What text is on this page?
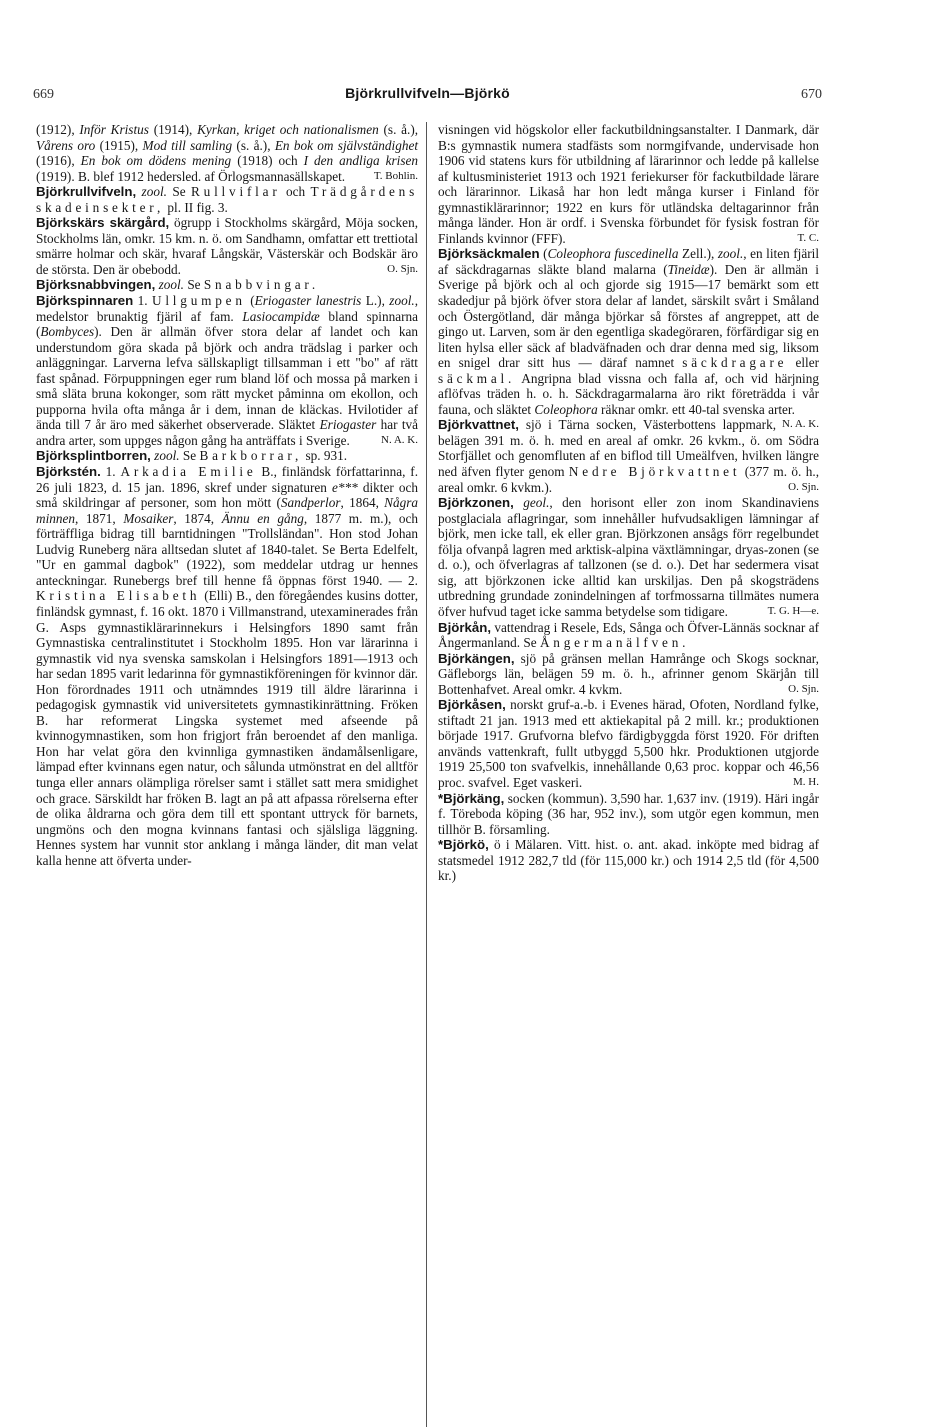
669	Björkrullvifveln—Björkö	670

(1912), Inför Kristus (1914), Kyrkan, kriget och nationalismen (s. å.), Vårens oro (1915), Mod till samling (s. å.), En bok om självständighet (1916), En bok om dödens mening (1918) och I den andliga krisen (1919). B. blef 1912 hedersled. af Örlogsmannasällskapet.	T. Bohlin.

Björkrullvifveln, zool. Se Rullviflar och Trädgårdens skadeinsekter, pl. II fig. 3.

Björkskärs skärgård, ögrupp i Stockholms skärgård, Möja socken, Stockholms län, omkr. 15 km. n. ö. om Sandhamn, omfattar ett trettiotal smärre holmar och skär, hvaraf Långskär, Västerskär och Bodskär äro de största. Den är obebodd.	O. Sjn.

Björksnabbvingen, zool. Se Snabbvingar.

Björkspinnaren 1. Ullgumpen (Eriogaster lanestris L.), zool., medelstor brunaktig fjäril af fam. Lasiocampidæ bland spinnarna (Bombyces). Den är allmän öfver stora delar af landet och kan understundom göra skada på björk och andra trädslag i parker och anläggningar. Larverna lefva sällskapligt tillsamman i ett "bo" af rätt fast spånad. Förpuppningen eger rum bland löf och mossa på marken i små släta bruna kokonger, som rätt mycket påminna om ekollon, och pupporna hvila ofta många år i dem, innan de kläckas. Hvilotider af ända till 7 år äro med säkerhet observerade. Släktet Eriogaster har två andra arter, som uppges någon gång ha anträffats i Sverige.	N. A. K.

Björksplintborren, zool. Se Barkborrar, sp. 931.

Björkstén. 1. Arkadia Emilie B., finländsk författarinna, f. 26 juli 1823, d. 15 jan. 1896, skref under signaturen e*** dikter och små skildringar af personer, som hon mött (Sandperlor, 1864, Några minnen, 1871, Mosaiker, 1874, Ännu en gång, 1877 m. m.), och förträffliga bidrag till barntidningen "Trollsländan". Hon stod Johan Ludvig Runeberg nära alltsedan slutet af 1840-talet. Se Berta Edelfelt, "Ur en gammal dagbok" (1922), som meddelar utdrag ur hennes anteckningar. Runebergs bref till henne få öppnas först 1940. — 2. Kristina Elisabeth (Elli) B., den föregåendes kusins dotter, finländsk gymnast, f. 16 okt. 1870 i Villmanstrand, utexaminerades från G. Asps gymnastiklärarinnekurs i Helsingfors 1890 samt från Gymnastiska centralinstitutet i Stockholm 1895. Hon var lärarinna i gymnastik vid nya svenska samskolan i Helsingfors 1891—1913 och har sedan 1895 varit ledarinna för gymnastikföreningen för kvinnor där. Hon förordnades 1911 och utnämndes 1919 till äldre lärarinna i pedagogisk gymnastik vid universitetets gymnastikinrättning. Fröken B. har reformerat Lingska systemet med afseende på kvinnogymnastiken, som hon frigjort från beroendet af den manliga. Hon har velat göra den kvinnliga gymnastiken ändamålsenligare, lämpad efter kvinnans egen natur, och sålunda utmönstrat en del alltför tunga eller annars olämpliga rörelser samt i stället satt mera smidighet och grace. Särskildt har fröken B. lagt an på att afpassa rörelserna efter de olika åldrarna och göra dem till ett spontant uttryck för barnets, ungmöns och den mogna kvinnans fantasi och själsliga läggning. Hennes system har vunnit stor anklang i många länder, dit man velat kalla henne att öfverta under-

visningen vid högskolor eller fackutbildningsanstalter. I Danmark, där B:s gymnastik numera stadfästs som normgifvande, undervisade hon 1906 vid statens kurs för utbildning af lärarinnor och ledde på kallelse af kultusministeriet 1913 och 1921 feriekurser för fackutbildade lärare och lärarinnor. Likaså har hon ledt många kurser i Finland för gymnastiklärarinnor; 1922 en kurs för utländska deltagarinnor från många länder. Hon är ordf. i Svenska förbundet för fysisk fostran för Finlands kvinnor (FFF).	T. C.

Björksäckmalen (Coleophora fuscedinella Zell.), zool., en liten fjäril af säckdragarnas släkte bland malarna (Tineidæ). Den är allmän i Sverige på björk och al och gjorde sig 1915—17 bemärkt som ett skadedjur på björk öfver stora delar af landet, särskilt svårt i Småland och Östergötland, där många björkar så förstes af angreppet, att de gingo ut. Larven, som är den egentliga skadegöraren, förfärdigar sig en liten hylsa eller säck af bladväfnaden och drar denna med sig, liksom en snigel drar sitt hus — däraf namnet säckdragare eller säckmal. Angripna blad vissna och falla af, och vid härjning aflöfvas träden h. o. h. Säckdragarmalarna äro rikt företrädda i vår fauna, och släktet Coleophora räknar omkr. ett 40-tal svenska arter.
N. A. K.

Björkvattnet, sjö i Tärna socken, Västerbottens lappmark, belägen 391 m. ö. h. med en areal af omkr. 26 kvkm., ö. om Södra Storfjället och genomfluten af en biflod till Umeälfven, hvilken längre ned äfven flyter genom Nedre Björkvattnet (377 m. ö. h., areal omkr. 6 kvkm.).	O. Sjn.

Björkzonen, geol., den horisont eller zon inom Skandinaviens postglaciala aflagringar, som innehåller hufvudsakligen lämningar af björk, men icke tall, ek eller gran. Björkzonen ansågs förr regelbundet följa ofvanpå lagren med arktisk-alpina växtlämningar, dryas-zonen (se d. o.), och öfverlagras af tallzonen (se d. o.). Det har sedermera visat sig, att björkzonen icke alltid kan urskiljas. Den på skogsträdens utbredning grundade zonindelningen af torfmossarna tillmätes numera öfver hufvud taget icke samma betydelse som tidigare.	T. G. H—e.

Björkån, vattendrag i Resele, Eds, Sånga och Öfver-Lännäs socknar af Ångermanland. Se Ångermanälfven.

Björkängen, sjö på gränsen mellan Hamrånge och Skogs socknar, Gäfleborgs län, belägen 59 m. ö. h., afrinner genom Skärjån till Bottenhafvet. Areal omkr. 4 kvkm.	O. Sjn.

Björkåsen, norskt gruf-a.-b. i Evenes härad, Ofoten, Nordland fylke, stiftadt 21 jan. 1913 med ett aktiekapital på 2 mill. kr.; produktionen började 1917. Grufvorna blefvo färdigbyggda först 1920. För driften används vattenkraft, fullt utbyggd 5,500 hkr. Produktionen utgjorde 1919 25,500 ton svafvelkis, innehållande 0,63 proc. koppar och 46,56 proc. svafvel. Eget vaskeri.	M. H.

*Björkäng, socken (kommun). 3,590 har. 1,637 inv. (1919). Häri ingår f. Töreboda köping (36 har, 952 inv.), som utgör egen kommun, men tillhör B. församling.

*Björkö, ö i Mälaren. Vitt. hist. o. ant. akad. inköpte med bidrag af statsmedel 1912 282,7 tld (för 115,000 kr.) och 1914 2,5 tld (för 4,500 kr.)
